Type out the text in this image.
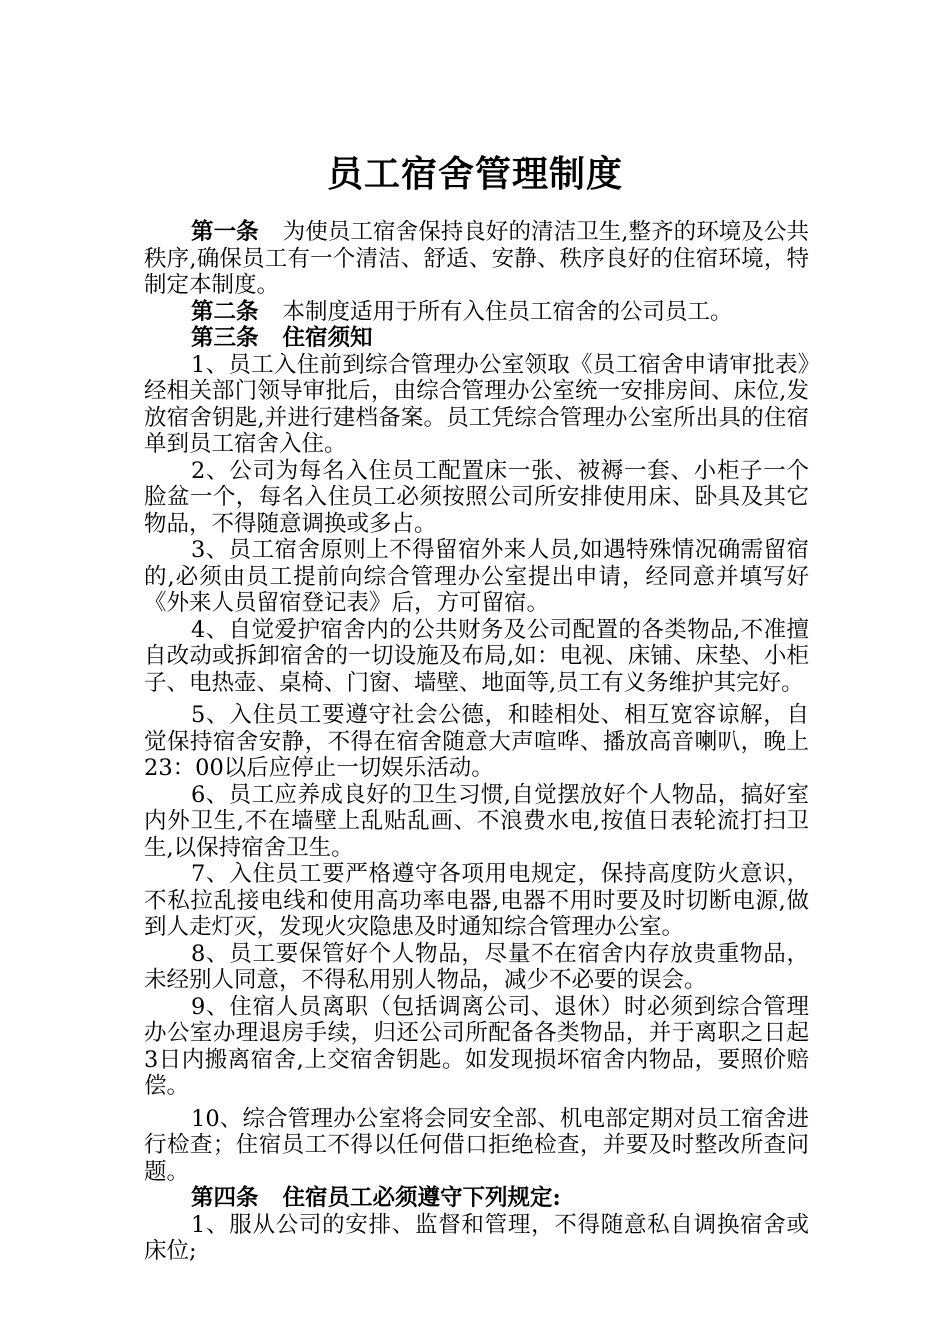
员工宿舍管理制度

第一条 为使员工宿舍保持良好的清洁卫生,整齐的环境及公共秩序,确保员工有一个清洁、舒适、安静、秩序良好的住宿环境，特制定本制度。

第二条 本制度适用于所有入住员工宿舍的公司员工。

第三条 住宿须知

1、员工入住前到综合管理办公室领取《员工宿舍申请审批表》经相关部门领导审批后，由综合管理办公室统一安排房间、床位,发放宿舍钥匙,并进行建档备案。员工凭综合管理办公室所出具的住宿单到员工宿舍入住。

2、公司为每名入住员工配置床一张、被褥一套、小柜子一个脸盆一个，每名入住员工必须按照公司所安排使用床、卧具及其它物品，不得随意调换或多占。

3、员工宿舍原则上不得留宿外来人员,如遇特殊情况确需留宿的,必须由员工提前向综合管理办公室提出申请，经同意并填写好《外来人员留宿登记表》后，方可留宿。

4、自觉爱护宿舍内的公共财务及公司配置的各类物品,不准擅自改动或拆卸宿舍的一切设施及布局,如：电视、床铺、床垫、小柜子、电热壶、桌椅、门窗、墙壁、地面等,员工有义务维护其完好。

5、入住员工要遵守社会公德，和睦相处、相互宽容谅解，自觉保持宿舍安静，不得在宿舍随意大声喧哗、播放高音喇叭，晚上23：00以后应停止一切娱乐活动。

6、员工应养成良好的卫生习惯,自觉摆放好个人物品，搞好室内外卫生,不在墙壁上乱贴乱画、不浪费水电,按值日表轮流打扫卫生,以保持宿舍卫生。

7、入住员工要严格遵守各项用电规定，保持高度防火意识，不私拉乱接电线和使用高功率电器,电器不用时要及时切断电源,做到人走灯灭，发现火灾隐患及时通知综合管理办公室。

8、员工要保管好个人物品，尽量不在宿舍内存放贵重物品，未经别人同意，不得私用别人物品，减少不必要的误会。

9、住宿人员离职（包括调离公司、退休）时必须到综合管理办公室办理退房手续，归还公司所配备各类物品，并于离职之日起3日内搬离宿舍,上交宿舍钥匙。如发现损坏宿舍内物品，要照价赔偿。

10、综合管理办公室将会同安全部、机电部定期对员工宿舍进行检查；住宿员工不得以任何借口拒绝检查，并要及时整改所查问题。

第四条 住宿员工必须遵守下列规定:

1、服从公司的安排、监督和管理，不得随意私自调换宿舍或床位;
